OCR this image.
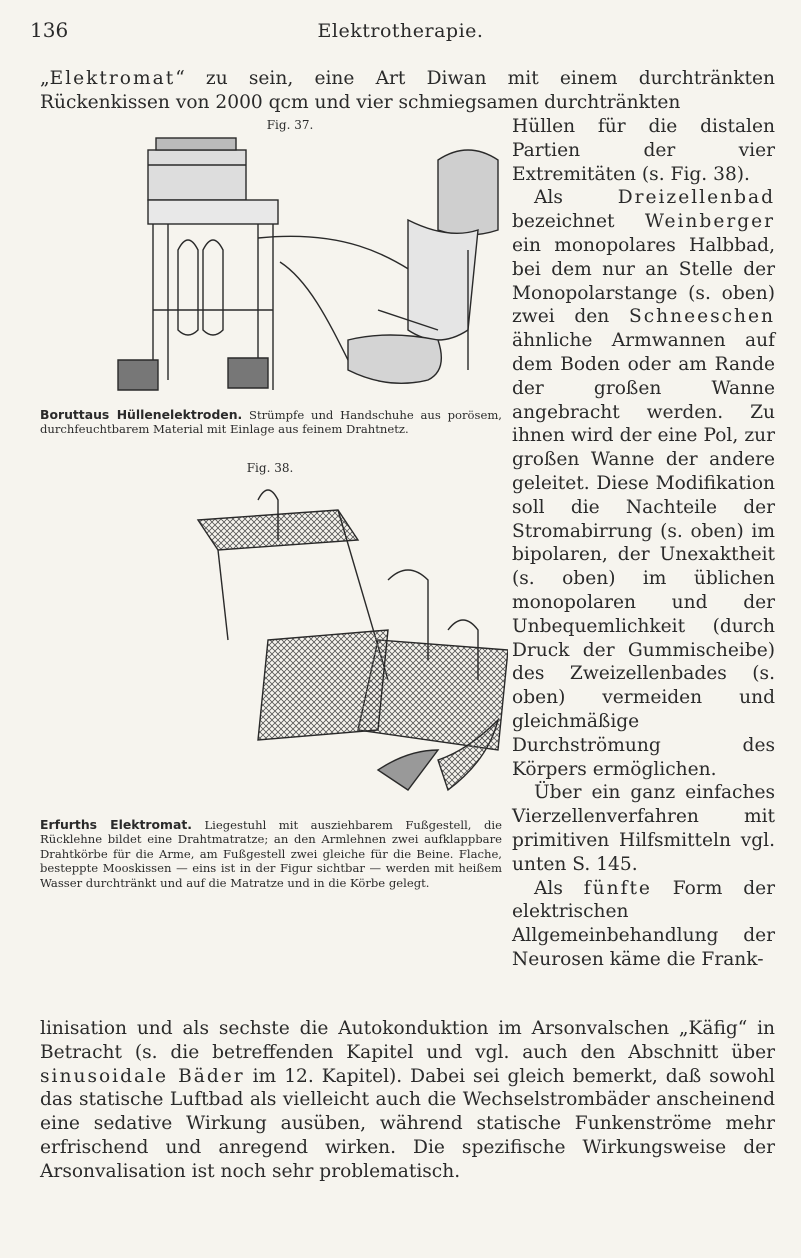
136	Elektrotherapie.

„Elektromat“ zu sein, eine Art Diwan mit einem durchtränkten Rückenkissen von 2000 qcm und vier schmiegsamen durchtränkten

Fig. 37.

Boruttaus Hüllenelektroden. Strümpfe und Handschuhe aus porösem, durchfeuchtbarem Material mit Einlage aus feinem Drahtnetz.

Fig. 38.

Erfurths Elektromat. Liegestuhl mit ausziehbarem Fußgestell, die Rücklehne bildet eine Drahtmatratze; an den Armlehnen zwei aufklappbare Drahtkörbe für die Arme, am Fußgestell zwei gleiche für die Beine. Flache, besteppte Mooskissen — eins ist in der Figur sichtbar — werden mit heißem Wasser durchtränkt und auf die Matratze und in die Körbe gelegt.

Hüllen für die distalen Partien der vier Extremitäten (s. Fig. 38).
Als Dreizellenbad bezeichnet Weinberger ein monopolares Halbbad, bei dem nur an Stelle der Monopolarstange (s. oben) zwei den Schneeschen ähnliche Armwannen auf dem Boden oder am Rande der großen Wanne angebracht werden. Zu ihnen wird der eine Pol, zur großen Wanne der andere geleitet. Diese Modifikation soll die Nachteile der Stromabirrung (s. oben) im bipolaren, der Unexaktheit (s. oben) im üblichen monopolaren und der Unbequemlichkeit (durch Druck der Gummischeibe) des Zweizellenbades (s. oben) vermeiden und gleichmäßige Durchströmung des Körpers ermöglichen.
Über ein ganz einfaches Vierzellenverfahren mit primitiven Hilfsmitteln vgl. unten S. 145.
Als fünfte Form der elektrischen Allgemeinbehandlung der Neurosen käme die Frank-

linisation und als sechste die Autokonduktion im Arsonvalschen „Käfig“ in Betracht (s. die betreffenden Kapitel und vgl. auch den Abschnitt über sinusoidale Bäder im 12. Kapitel). Dabei sei gleich bemerkt, daß sowohl das statische Luftbad als vielleicht auch die Wechselstrombäder anscheinend eine sedative Wirkung ausüben, während statische Funkenströme mehr erfrischend und anregend wirken. Die spezifische Wirkungsweise der Arsonvalisation ist noch sehr problematisch.
